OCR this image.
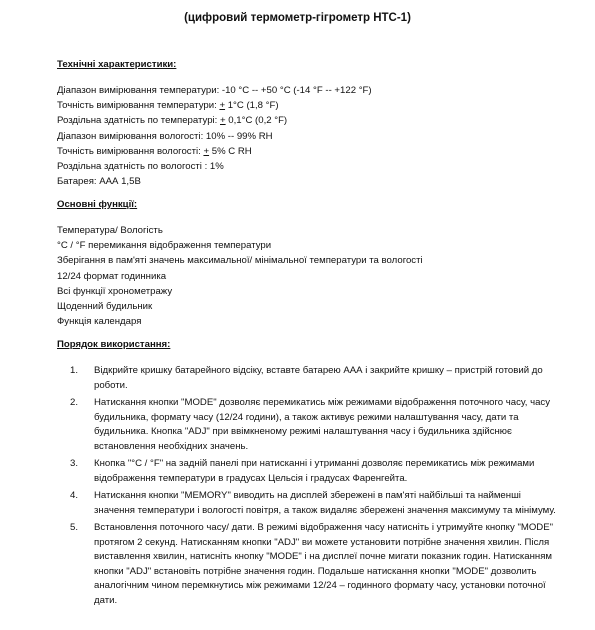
(цифровий термометр-гігрометр HTC-1)
Технічні характеристики:
Діапазон вимірювання температури: -10 °C -- +50 °C (-14 °F -- +122 °F)
Точність вимірювання температури: + 1°C (1,8 °F)
Роздільна здатність по температурі: + 0,1°C (0,2 °F)
Діапазон вимірювання вологості: 10% -- 99% RH
Точність вимірювання вологості: + 5% C RH
Роздільна здатність по вологості : 1%
Батарея: ААА 1,5В
Основні функції:
Температура/ Вологість
°C / °F перемикання відображення температури
Зберігання в пам'яті значень максимальної/ мінімальної температури та вологості
12/24 формат годинника
Всі функції хронометражу
Щоденний будильник
Функція календаря
Порядок використання:
1. Відкрийте кришку батарейного відсіку, вставте батарею ААА і закрийте кришку – пристрій готовий до роботи.
2. Натискання кнопки "MODE" дозволяє перемикатись між режимами відображення поточного часу, часу будильника, формату часу (12/24 години), а також активує режими налаштування часу, дати та будильника. Кнопка "ADJ" при ввімкненому режимі налаштування часу і будильника здійснює встановлення необхідних значень.
3. Кнопка "°C / °F" на задній панелі при натисканні і утриманні дозволяє перемикатись між режимами відображення температури в градусах Цельсія і градусах Фаренгейта.
4. Натискання кнопки "MEMORY" виводить на дисплей збережені в пам'яті найбільші та найменші значення температури і вологості повітря, а також видаляє збережені значення максимуму та мінімуму.
5. Встановлення поточного часу/ дати. В режимі відображення часу натисніть і утримуйте кнопку "MODE" протягом 2 секунд. Натисканням кнопки "ADJ" ви можете установити потрібне значення хвилин. Після виставлення хвилин, натисніть кнопку "MODE" і на дисплеї почне мигати показник годин. Натисканням кнопки "ADJ" встановіть потрібне значення годин. Подальше натискання кнопки "MODE" дозволить аналогічним чином перемкнутись між режимами 12/24 – годинного формату часу, установки поточної дати.
